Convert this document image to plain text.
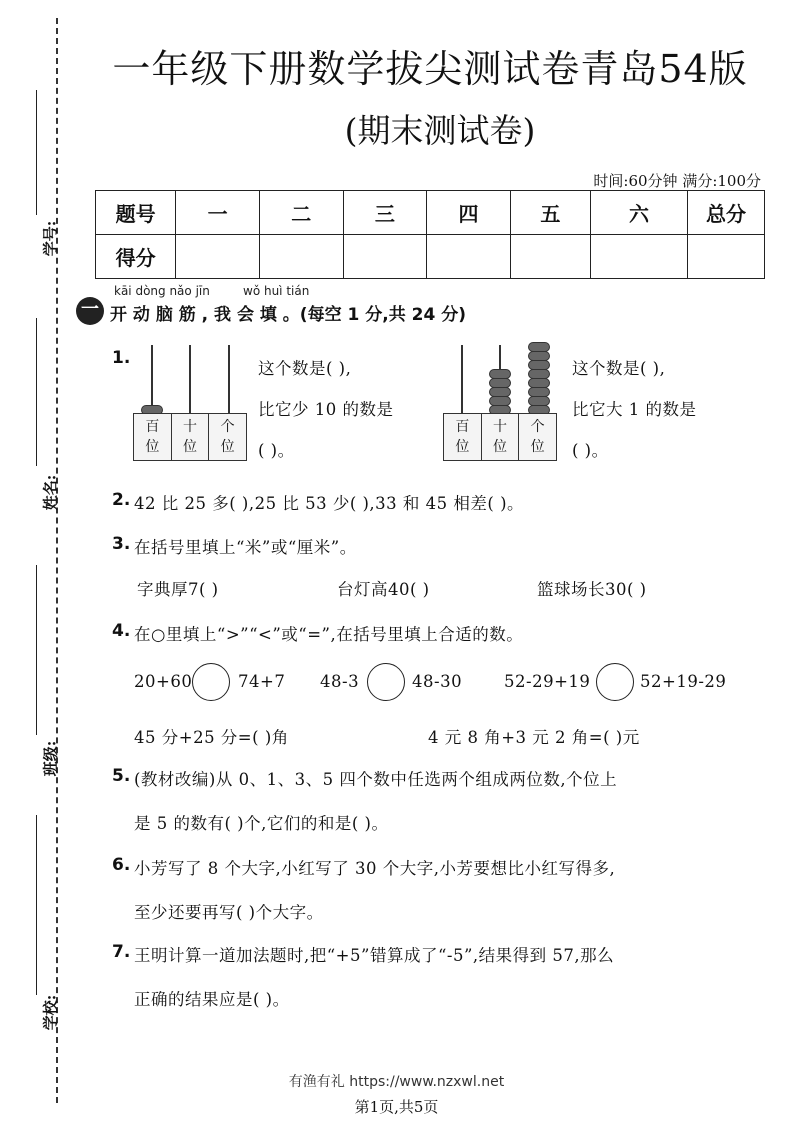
学号:
姓名:
班级:
学校:
一年级下册数学拔尖测试卷青岛54版
(期末测试卷)
时间:60分钟 满分:100分
题号	一	二	三	四	五	六	总分
得分							
kāi dòng nǎo jīn	wǒ huì tián
一 开 动 脑 筋 , 我 会 填 。(每空 1 分,共 24 分)
1.
百
位
十
位
个
位
这个数是( ),
比它少 10 的数是
( )。
百
位
十
位
个
位
这个数是( ),
比它大 1 的数是
( )。
2. 42 比 25 多( ),25 比 53 少( ),33 和 45 相差( )。
3. 在括号里填上“米”或“厘米”。
字典厚7( )	台灯高40( )	篮球场长30( )
4. 在○里填上“>”“<”或“=”,在括号里填上合适的数。
20+60	74+7 48-3	48-30	52-29+19	52+19-29
45 分+25 分=( )角	4 元 8 角+3 元 2 角=( )元
5. (教材改编)从 0、1、3、5 四个数中任选两个组成两位数,个位上
是 5 的数有( )个,它们的和是( )。
6. 小芳写了 8 个大字,小红写了 30 个大字,小芳要想比小红写得多,
至少还要再写( )个大字。
7. 王明计算一道加法题时,把“+5”错算成了“-5”,结果得到 57,那么
正确的结果应是( )。
有渔有礼 https://www.nzxwl.net
第1页,共5页
